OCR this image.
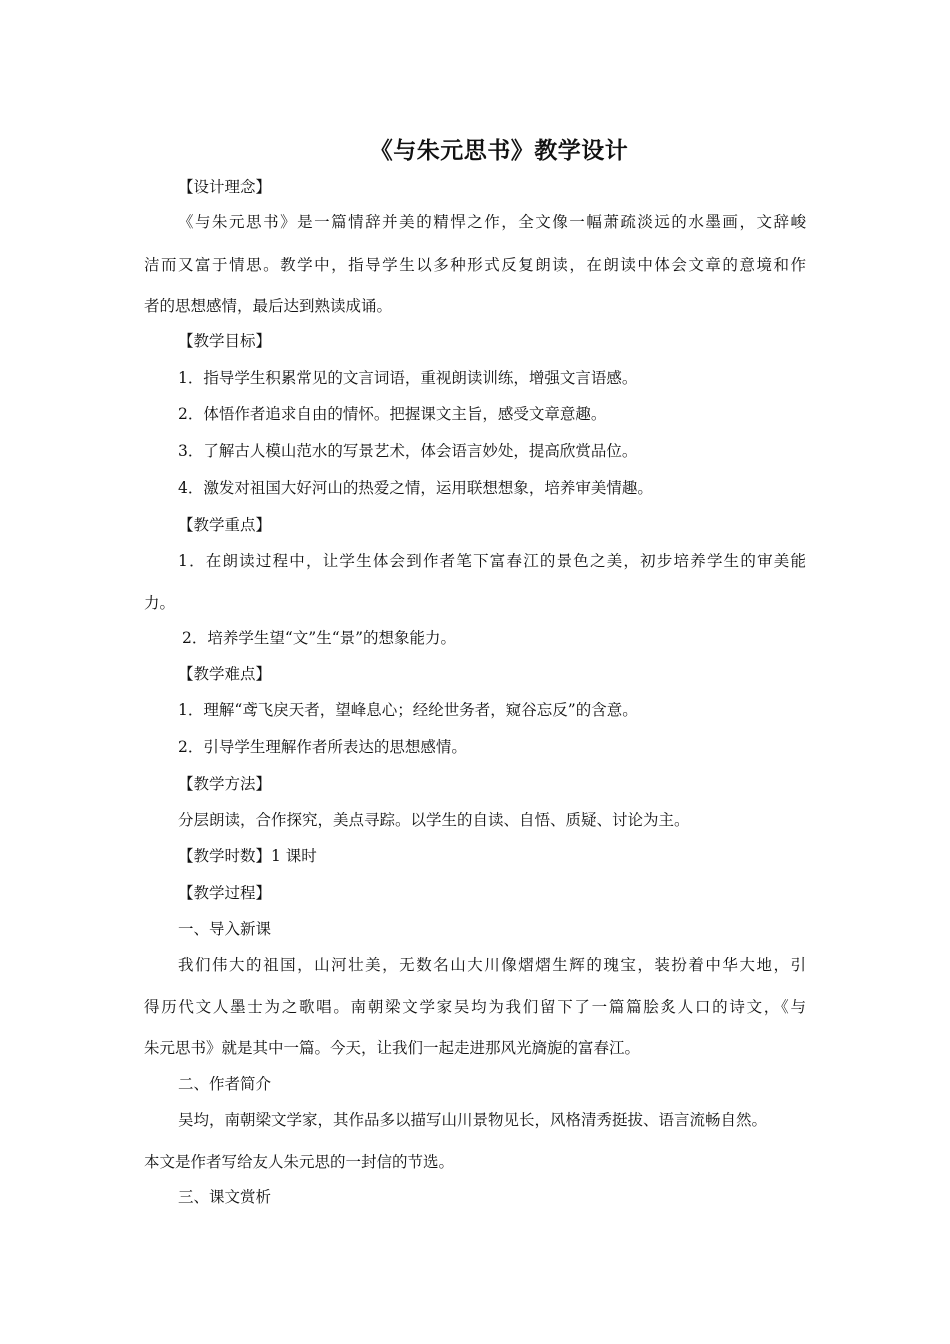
《与朱元思书》教学设计
【设计理念】
《与朱元思书》是一篇情辞并美的精悍之作，全文像一幅萧疏淡远的水墨画，文辞峻
洁而又富于情思。教学中，指导学生以多种形式反复朗读，在朗读中体会文章的意境和作
者的思想感情，最后达到熟读成诵。
【教学目标】
1．指导学生积累常见的文言词语，重视朗读训练，增强文言语感。
2．体悟作者追求自由的情怀。把握课文主旨，感受文章意趣。
3．了解古人模山范水的写景艺术，体会语言妙处，提高欣赏品位。
4．激发对祖国大好河山的热爱之情，运用联想想象，培养审美情趣。
【教学重点】
1．在朗读过程中，让学生体会到作者笔下富春江的景色之美，初步培养学生的审美能
力。
2．培养学生望“文”生“景”的想象能力。
【教学难点】
1．理解“鸢飞戾天者，望峰息心；经纶世务者，窥谷忘反”的含意。
2．引导学生理解作者所表达的思想感情。
【教学方法】
分层朗读，合作探究，美点寻踪。以学生的自读、自悟、质疑、讨论为主。
【教学时数】1 课时
【教学过程】
一、导入新课
我们伟大的祖国，山河壮美，无数名山大川像熠熠生辉的瑰宝，装扮着中华大地，引
得历代文人墨士为之歌唱。南朝梁文学家吴均为我们留下了一篇篇脍炙人口的诗文，《与
朱元思书》就是其中一篇。今天，让我们一起走进那风光旖旎的富春江。
二、作者简介
吴均，南朝梁文学家，其作品多以描写山川景物见长，风格清秀挺拔、语言流畅自然。
本文是作者写给友人朱元思的一封信的节选。
三、课文赏析
